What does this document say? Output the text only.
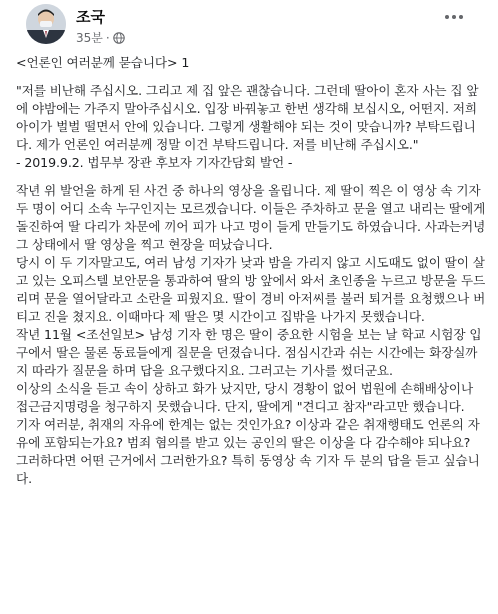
조국
35분 ·

<언론인 여러분께 묻습니다> 1

"저를 비난해 주십시오. 그리고 제 집 앞은 괜찮습니다. 그런데 딸아이 혼자 사는 집 앞에 야밤에는 가주지 말아주십시오. 입장 바꿔놓고 한번 생각해 보십시오, 어떤지. 저희 아이가 벌벌 떨면서 안에 있습니다. 그렇게 생활해야 되는 것이 맞습니까? 부탁드립니다. 제가 언론인 여러분께 정말 이건 부탁드립니다. 저를 비난해 주십시오."
- 2019.9.2. 법무부 장관 후보자 기자간담회 발언 -

작년 위 발언을 하게 된 사건 중 하나의 영상을 올립니다. 제 딸이 찍은 이 영상 속 기자 두 명이 어디 소속 누구인지는 모르겠습니다. 이들은 주차하고 문을 열고 내리는 딸에게 돌진하여 딸 다리가 차문에 끼어 피가 나고 멍이 들게 만들기도 하였습니다. 사과는커녕 그 상태에서 딸 영상을 찍고 현장을 떠났습니다.
당시 이 두 기자말고도, 여러 남성 기자가 낮과 밤을 가리지 않고 시도때도 없이 딸이 살고 있는 오피스텔 보안문을 통과하여 딸의 방 앞에서 와서 초인종을 누르고 방문을 두드리며 문을 열어달라고 소란을 피웠지요. 딸이 경비 아저씨를 불러 퇴거를 요청했으나 버티고 진을 쳤지요. 이때마다 제 딸은 몇 시간이고 집밖을 나가지 못했습니다.
작년 11월 <조선일보> 남성 기자 한 명은 딸이 중요한 시험을 보는 날 학교 시험장 입구에서 딸은 물론 동료들에게 질문을 던졌습니다. 점심시간과 쉬는 시간에는 화장실까지 따라가 질문을 하며 답을 요구했다지요. 그러고는 기사를 썼더군요.
이상의 소식을 듣고 속이 상하고 화가 났지만, 당시 경황이 없어 법원에 손해배상이나 접근금지명령을 청구하지 못했습니다. 단지, 딸에게 "견디고 참자"라고만 했습니다.
기자 여러분, 취재의 자유에 한계는 없는 것인가요? 이상과 같은 취재행태도 언론의 자유에 포함되는가요? 범죄 혐의를 받고 있는 공인의 딸은 이상을 다 감수해야 되나요? 그러하다면 어떤 근거에서 그러한가요? 특히 동영상 속 기자 두 분의 답을 듣고 싶습니다.
